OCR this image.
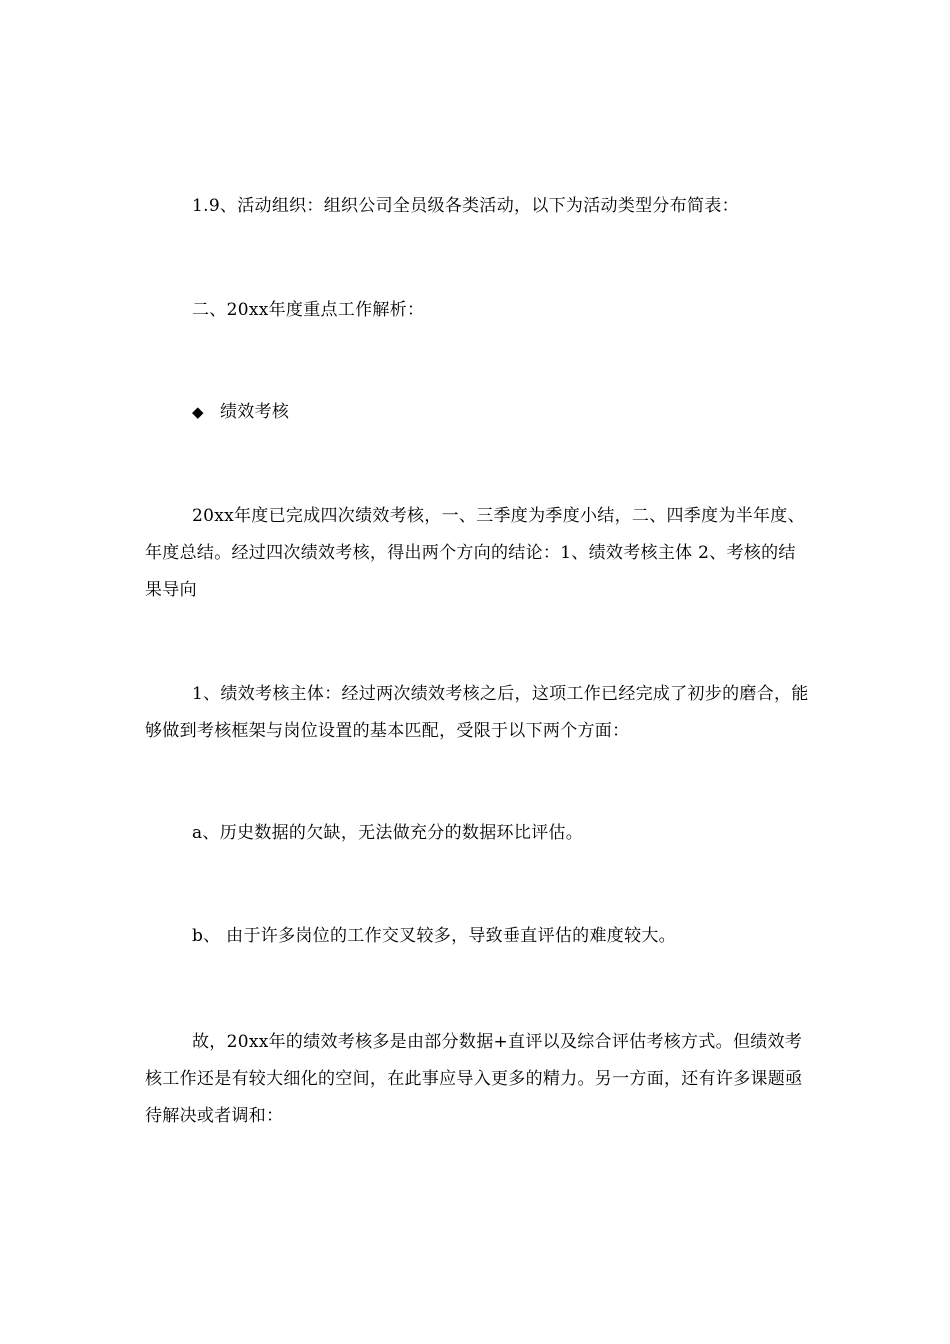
1.9、活动组织：组织公司全员级各类活动，以下为活动类型分布简表：

二、20xx年度重点工作解析：

◆ 绩效考核

20xx年度已完成四次绩效考核，一、三季度为季度小结，二、四季度为半年度、年度总结。经过四次绩效考核，得出两个方向的结论：1、绩效考核主体 2、考核的结果导向

1、绩效考核主体：经过两次绩效考核之后，这项工作已经完成了初步的磨合，能够做到考核框架与岗位设置的基本匹配，受限于以下两个方面：

a、历史数据的欠缺，无法做充分的数据环比评估。

b、 由于许多岗位的工作交叉较多，导致垂直评估的难度较大。

故，20xx年的绩效考核多是由部分数据+直评以及综合评估考核方式。但绩效考核工作还是有较大细化的空间，在此事应导入更多的精力。另一方面，还有许多课题亟待解决或者调和：
